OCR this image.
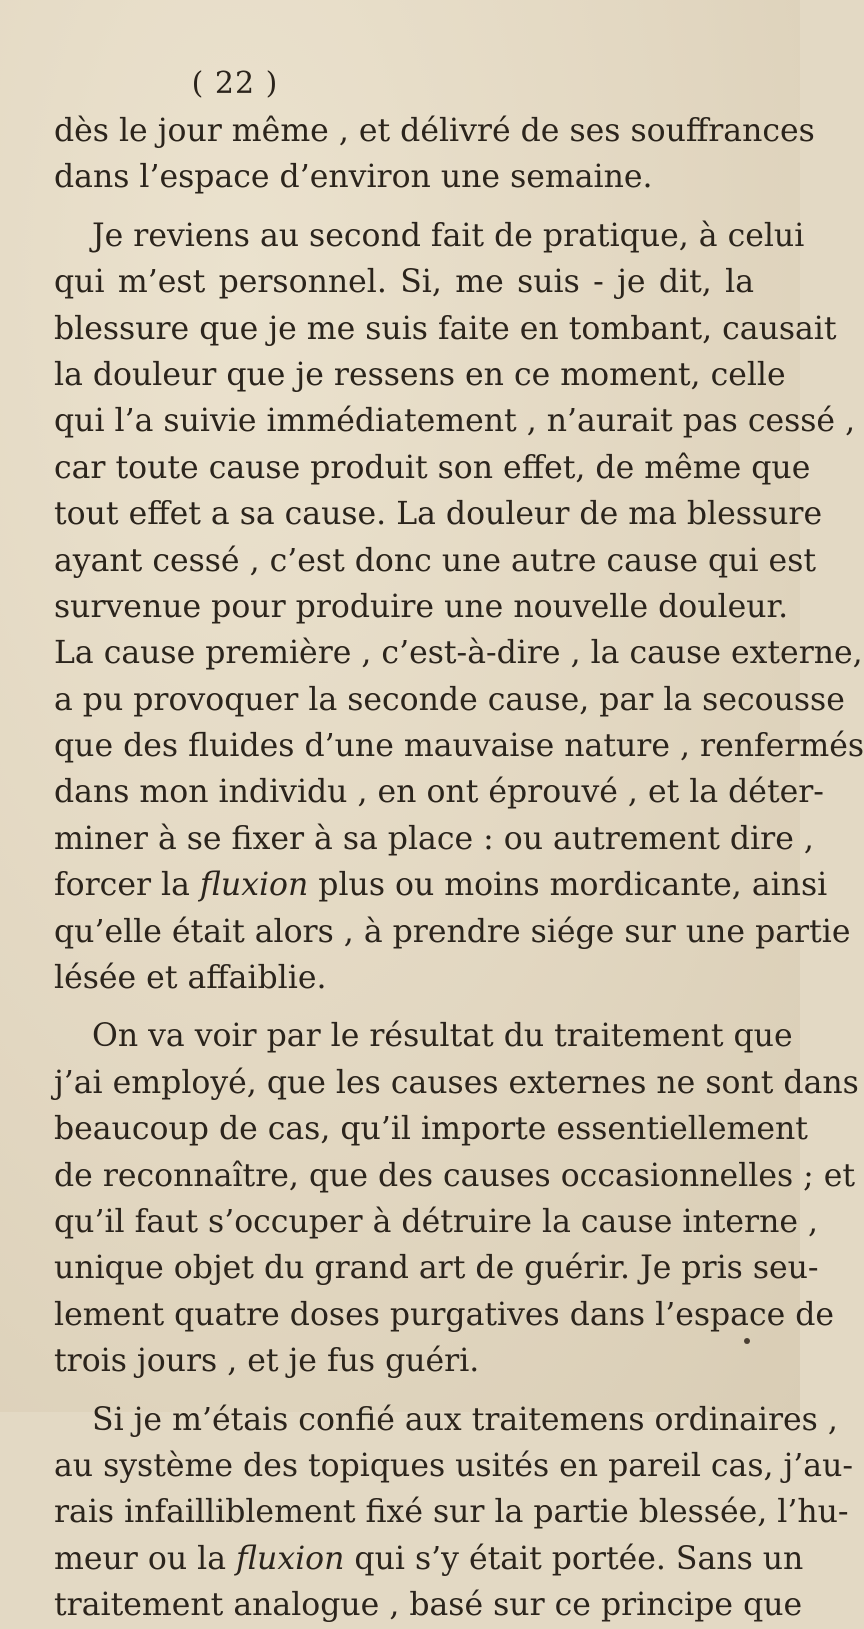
( 22 )
dès le jour même , et délivré de ses souffrances
dans l’espace d’environ une semaine.
Je reviens au second fait de pratique, à celui
qui m’est personnel. Si, me suis - je dit, la
blessure que je me suis faite en tombant, causait
la douleur que je ressens en ce moment, celle
qui l’a suivie immédiatement , n’aurait pas cessé ,
car toute cause produit son effet, de même que
tout effet a sa cause. La douleur de ma blessure
ayant cessé , c’est donc une autre cause qui est
survenue pour produire une nouvelle douleur.
La cause première , c’est-à-dire , la cause externe,
a pu provoquer la seconde cause, par la secousse
que des fluides d’une mauvaise nature , renfermés
dans mon individu , en ont éprouvé , et la déter-
miner à se fixer à sa place : ou autrement dire ,
forcer la fluxion plus ou moins mordicante, ainsi
qu’elle était alors , à prendre siége sur une partie
lésée et affaiblie.
On va voir par le résultat du traitement que
j’ai employé, que les causes externes ne sont dans
beaucoup de cas, qu’il importe essentiellement
de reconnaître, que des causes occasionnelles ; et
qu’il faut s’occuper à détruire la cause interne ,
unique objet du grand art de guérir. Je pris seu-
lement quatre doses purgatives dans l’espace de
trois jours , et je fus guéri.
Si je m’étais confié aux traitemens ordinaires ,
au système des topiques usités en pareil cas, j’au-
rais infailliblement fixé sur la partie blessée, l’hu-
meur ou la fluxion qui s’y était portée. Sans un
traitement analogue , basé sur ce principe que
